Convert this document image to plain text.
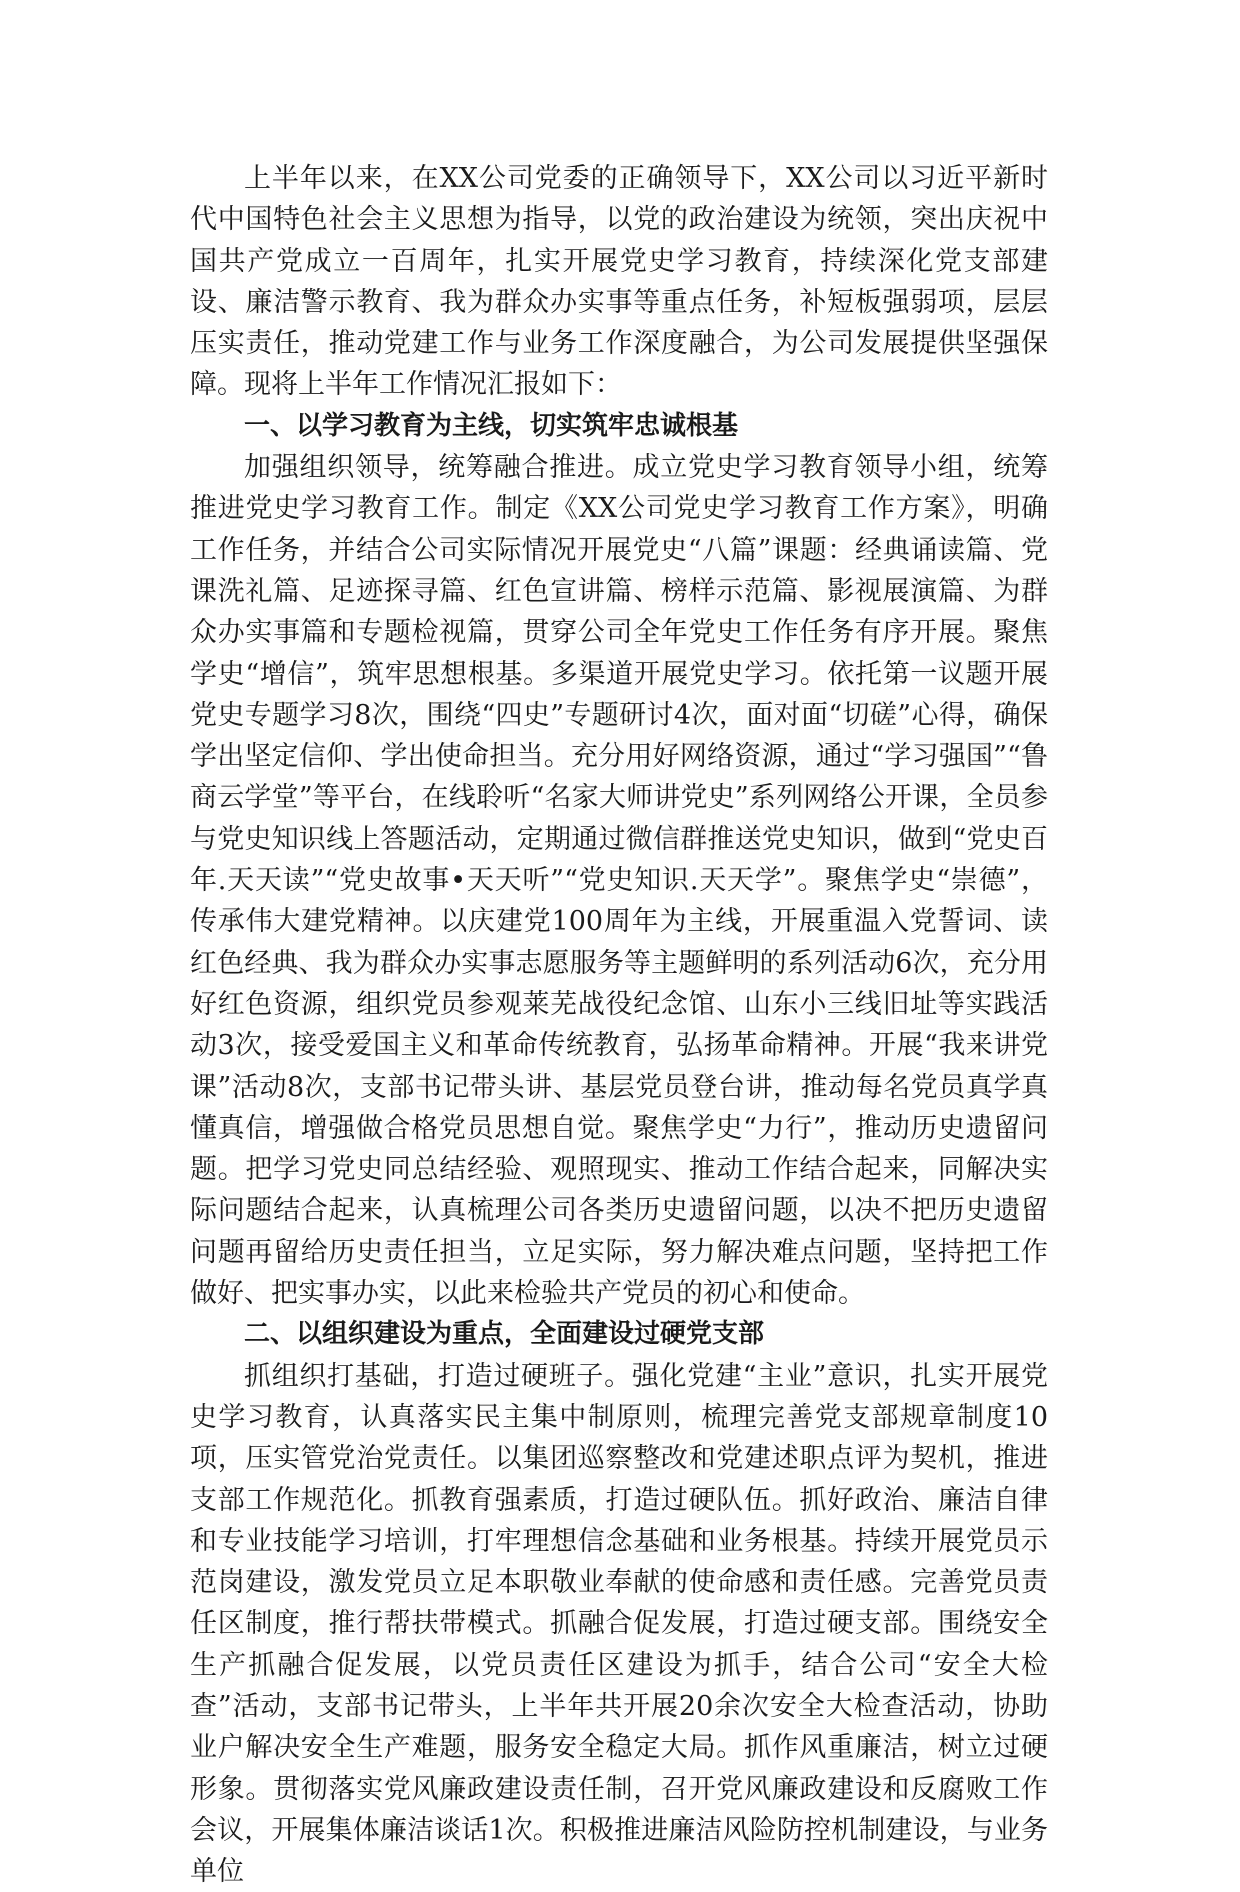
上半年以来，在XX公司党委的正确领导下，XX公司以习近平新时代中国特色社会主义思想为指导，以党的政治建设为统领，突出庆祝中国共产党成立一百周年，扎实开展党史学习教育，持续深化党支部建设、廉洁警示教育、我为群众办实事等重点任务，补短板强弱项，层层压实责任，推动党建工作与业务工作深度融合，为公司发展提供坚强保障。现将上半年工作情况汇报如下：

一、以学习教育为主线，切实筑牢忠诚根基

加强组织领导，统筹融合推进。成立党史学习教育领导小组，统筹推进党史学习教育工作。制定《XX公司党史学习教育工作方案》，明确工作任务，并结合公司实际情况开展党史“八篇”课题：经典诵读篇、党课洗礼篇、足迹探寻篇、红色宣讲篇、榜样示范篇、影视展演篇、为群众办实事篇和专题检视篇，贯穿公司全年党史工作任务有序开展。聚焦学史“增信”，筑牢思想根基。多渠道开展党史学习。依托第一议题开展党史专题学习8次，围绕“四史”专题研讨4次，面对面“切磋”心得，确保学出坚定信仰、学出使命担当。充分用好网络资源，通过“学习强国”“鲁商云学堂”等平台，在线聆听“名家大师讲党史”系列网络公开课，全员参与党史知识线上答题活动，定期通过微信群推送党史知识，做到“党史百年.天天读”“党史故事•天天听”“党史知识.天天学”。聚焦学史“崇德”，传承伟大建党精神。以庆建党100周年为主线，开展重温入党誓词、读红色经典、我为群众办实事志愿服务等主题鲜明的系列活动6次，充分用好红色资源，组织党员参观莱芜战役纪念馆、山东小三线旧址等实践活动3次，接受爱国主义和革命传统教育，弘扬革命精神。开展“我来讲党课”活动8次，支部书记带头讲、基层党员登台讲，推动每名党员真学真懂真信，增强做合格党员思想自觉。聚焦学史“力行”，推动历史遗留问题。把学习党史同总结经验、观照现实、推动工作结合起来，同解决实际问题结合起来，认真梳理公司各类历史遗留问题，以决不把历史遗留问题再留给历史责任担当，立足实际，努力解决难点问题，坚持把工作做好、把实事办实，以此来检验共产党员的初心和使命。

二、以组织建设为重点，全面建设过硬党支部

抓组织打基础，打造过硬班子。强化党建“主业”意识，扎实开展党史学习教育，认真落实民主集中制原则，梳理完善党支部规章制度10项，压实管党治党责任。以集团巡察整改和党建述职点评为契机，推进支部工作规范化。抓教育强素质，打造过硬队伍。抓好政治、廉洁自律和专业技能学习培训，打牢理想信念基础和业务根基。持续开展党员示范岗建设，激发党员立足本职敬业奉献的使命感和责任感。完善党员责任区制度，推行帮扶带模式。抓融合促发展，打造过硬支部。围绕安全生产抓融合促发展，以党员责任区建设为抓手，结合公司“安全大检查”活动，支部书记带头，上半年共开展20余次安全大检查活动，协助业户解决安全生产难题，服务安全稳定大局。抓作风重廉洁，树立过硬形象。贯彻落实党风廉政建设责任制，召开党风廉政建设和反腐败工作会议，开展集体廉洁谈话1次。积极推进廉洁风险防控机制建设，与业务单位
